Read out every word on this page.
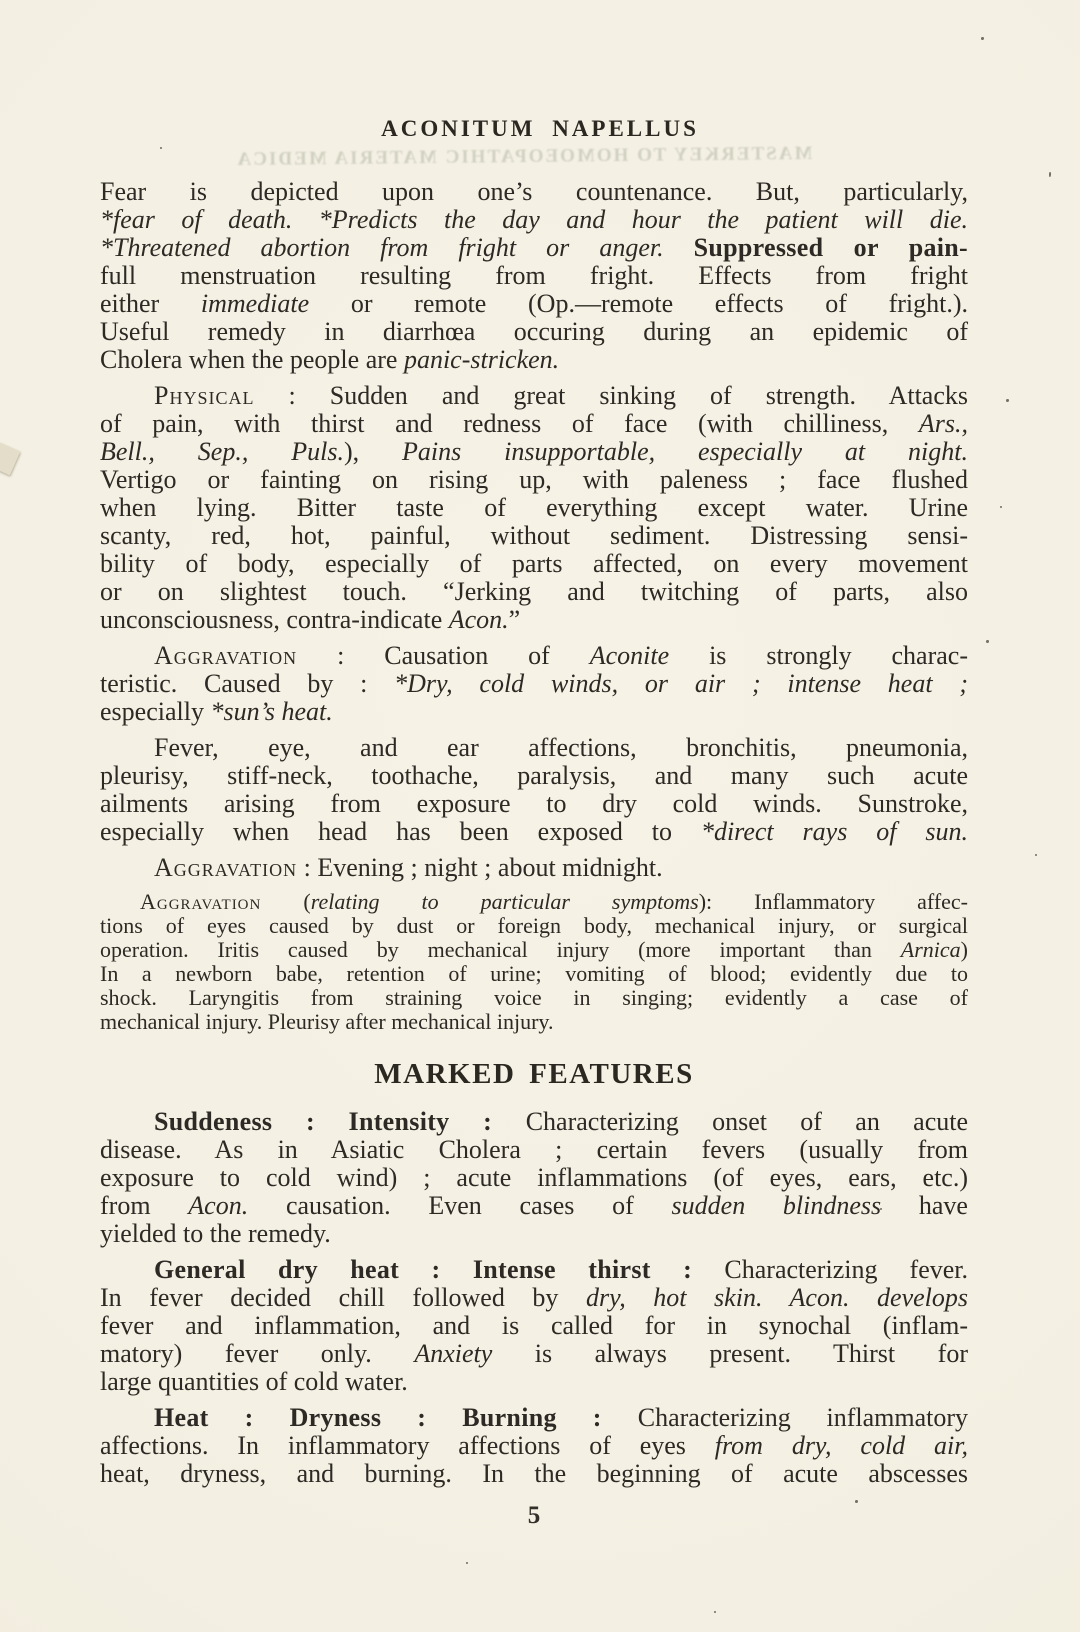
ACONITUM NAPELLUS
MASTERKEY TO HOMOEOPATHIC MATERIA MEDICA
Fear is depicted upon one’s countenance. But, particularly,
*fear of death. *Predicts the day and hour the patient will die.
*Threatened abortion from fright or anger. Suppressed or pain-
full menstruation resulting from fright. Effects from fright
either immediate or remote (Op.—remote effects of fright.).
Useful remedy in diarrhœa occuring during an epidemic of
Cholera when the people are panic-stricken.
Physical : Sudden and great sinking of strength. Attacks
of pain, with thirst and redness of face (with chilliness, Ars.,
Bell., Sep., Puls.), Pains insupportable, especially at night.
Vertigo or fainting on rising up, with paleness ; face flushed
when lying. Bitter taste of everything except water. Urine
scanty, red, hot, painful, without sediment. Distressing sensi-
bility of body, especially of parts affected, on every movement
or on slightest touch. “Jerking and twitching of parts, also
unconsciousness, contra-indicate Acon.”
Aggravation : Causation of Aconite is strongly charac-
teristic. Caused by : *Dry, cold winds, or air ; intense heat ;
especially *sun’s heat.
Fever, eye, and ear affections, bronchitis, pneumonia,
pleurisy, stiff-neck, toothache, paralysis, and many such acute
ailments arising from exposure to dry cold winds. Sunstroke,
especially when head has been exposed to *direct rays of sun.
Aggravation : Evening ; night ; about midnight.
Aggravation (relating to particular symptoms): Inflammatory affec-
tions of eyes caused by dust or foreign body, mechanical injury, or surgical
operation. Iritis caused by mechanical injury (more important than Arnica)
In a newborn babe, retention of urine; vomiting of blood; evidently due to
shock. Laryngitis from straining voice in singing; evidently a case of
mechanical injury. Pleurisy after mechanical injury.
MARKED FEATURES
Suddeness : Intensity : Characterizing onset of an acute
disease. As in Asiatic Cholera ; certain fevers (usually from
exposure to cold wind) ; acute inflammations (of eyes, ears, etc.)
from Acon. causation. Even cases of sudden blindness have
yielded to the remedy.
General dry heat : Intense thirst : Characterizing fever.
In fever decided chill followed by dry, hot skin. Acon. develops
fever and inflammation, and is called for in synochal (inflam-
matory) fever only. Anxiety is always present. Thirst for
large quantities of cold water.
Heat : Dryness : Burning : Characterizing inflammatory
affections. In inflammatory affections of eyes from dry, cold air,
heat, dryness, and burning. In the beginning of acute abscesses
5
